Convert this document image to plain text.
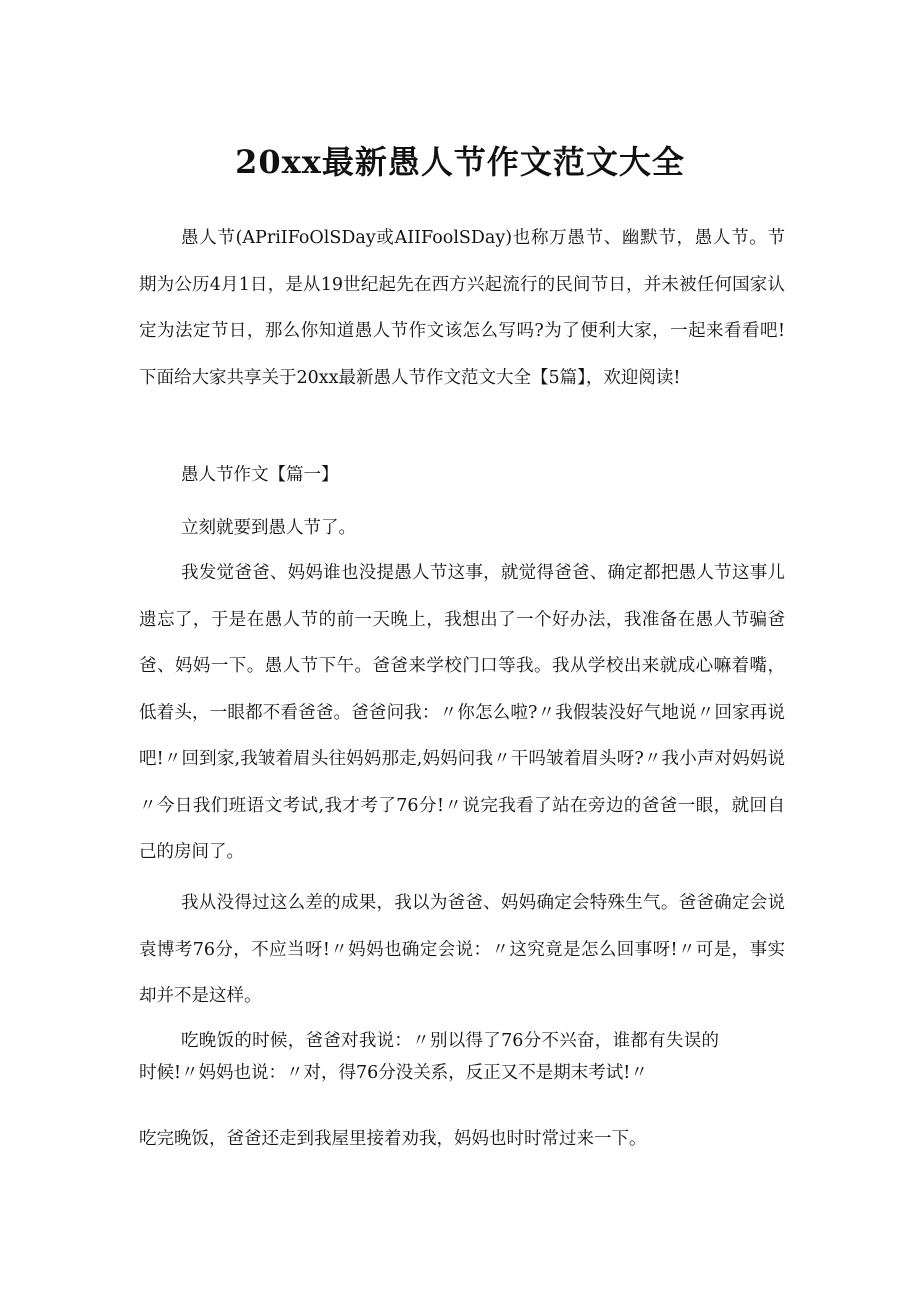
20xx最新愚人节作文范文大全
愚人节(APriIFoOlSDay或AIIFoolSDay)也称万愚节、幽默节，愚人节。节期为公历4月1日，是从19世纪起先在西方兴起流行的民间节日，并未被任何国家认定为法定节日，那么你知道愚人节作文该怎么写吗?为了便利大家，一起来看看吧!下面给大家共享关于20xx最新愚人节作文范文大全【5篇】，欢迎阅读!
愚人节作文【篇一】
立刻就要到愚人节了。
我发觉爸爸、妈妈谁也没提愚人节这事，就觉得爸爸、确定都把愚人节这事儿遗忘了，于是在愚人节的前一天晚上，我想出了一个好办法，我准备在愚人节骗爸爸、妈妈一下。愚人节下午。爸爸来学校门口等我。我从学校出来就成心嘛着嘴，低着头，一眼都不看爸爸。爸爸问我：〃你怎么啦?〃我假装没好气地说〃回家再说吧!〃回到家,我皱着眉头往妈妈那走,妈妈问我〃干吗皱着眉头呀?〃我小声对妈妈说〃今日我们班语文考试,我才考了76分!〃说完我看了站在旁边的爸爸一眼，就回自己的房间了。
我从没得过这么差的成果，我以为爸爸、妈妈确定会特殊生气。爸爸确定会说袁博考76分，不应当呀!〃妈妈也确定会说：〃这究竟是怎么回事呀!〃可是，事实却并不是这样。
吃晚饭的时候，爸爸对我说：〃别以得了76分不兴奋，谁都有失误的时候!〃妈妈也说：〃对，得76分没关系，反正又不是期末考试!〃
吃完晚饭，爸爸还走到我屋里接着劝我，妈妈也时时常过来一下。
